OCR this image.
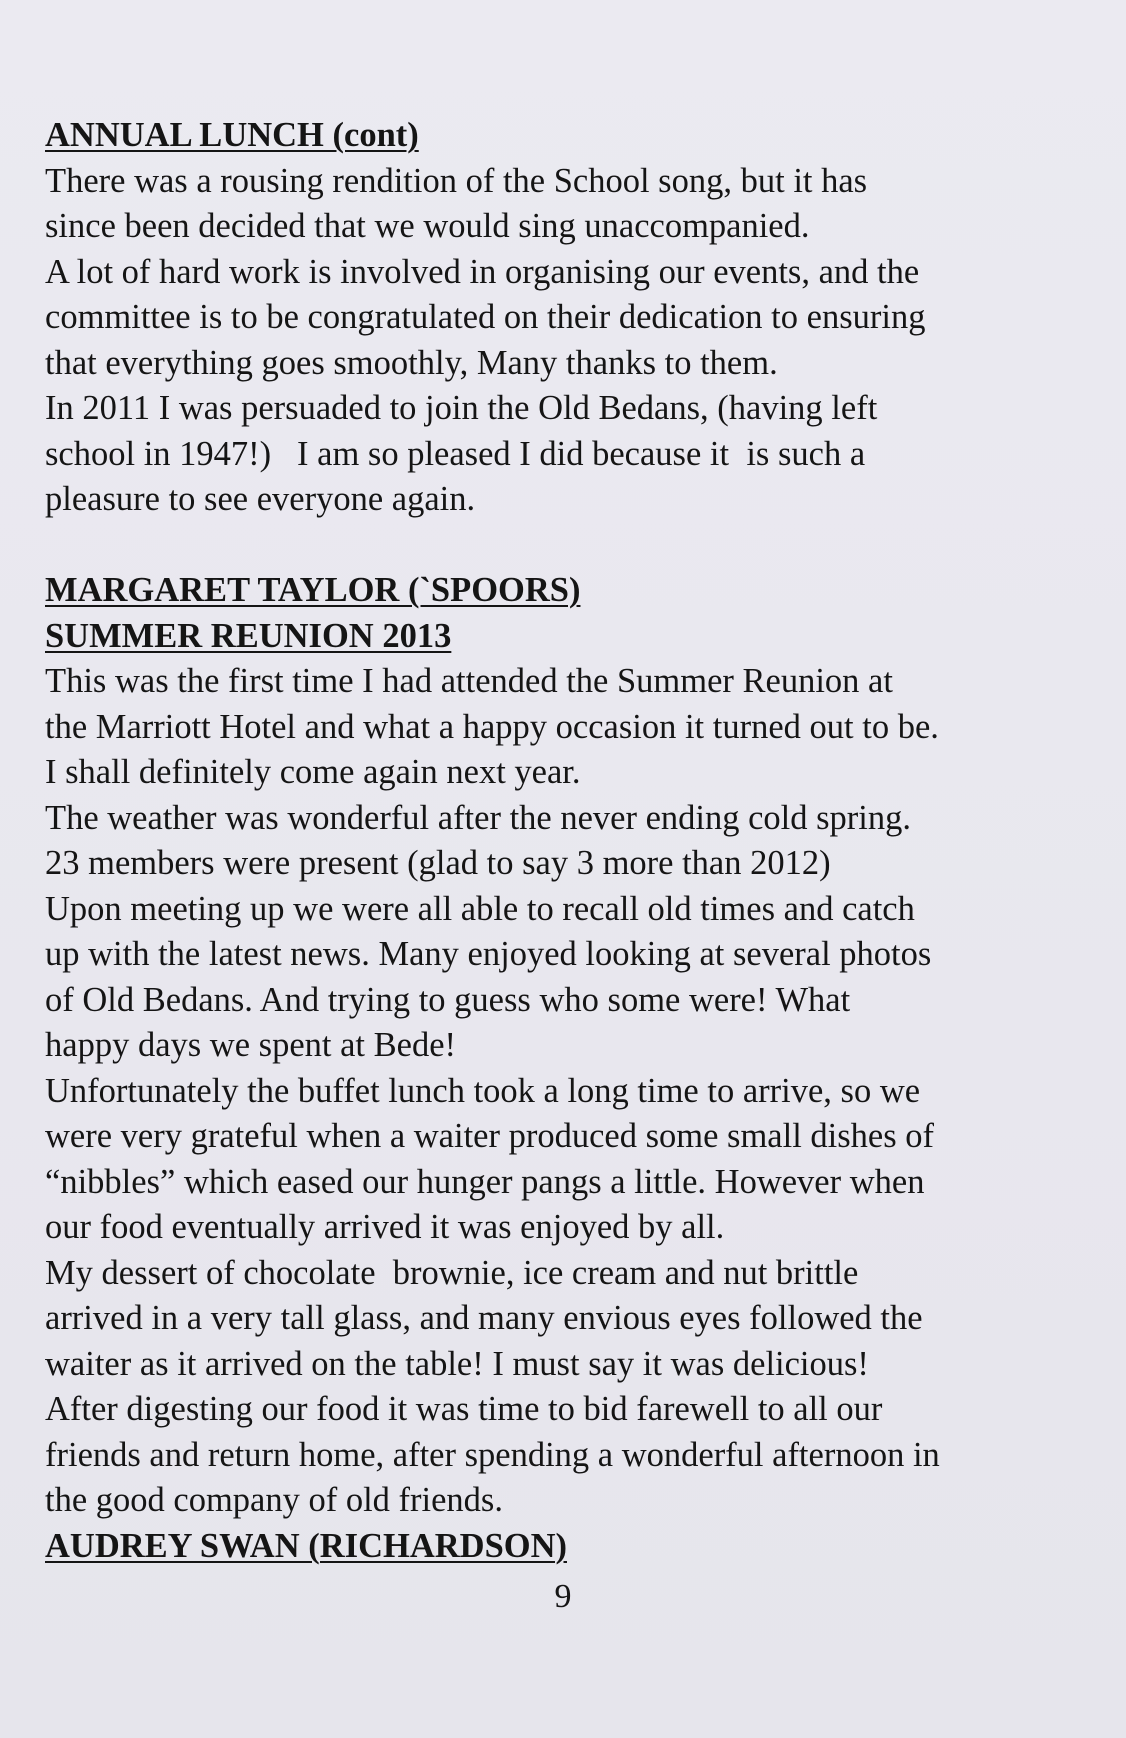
ANNUAL LUNCH (cont)
There was a rousing rendition of the School song, but it has
since been decided that we would sing unaccompanied.
A lot of hard work is involved in organising our events, and the
committee is to be congratulated on their dedication to ensuring
that everything goes smoothly, Many thanks to them.
In 2011 I was persuaded to join the Old Bedans, (having left
school in 1947!)   I am so pleased I did because it  is such a
pleasure to see everyone again.
MARGARET TAYLOR (`SPOORS)
SUMMER REUNION 2013
This was the first time I had attended the Summer Reunion at
the Marriott Hotel and what a happy occasion it turned out to be.
I shall definitely come again next year.
The weather was wonderful after the never ending cold spring.
23 members were present (glad to say 3 more than 2012)
Upon meeting up we were all able to recall old times and catch
up with the latest news. Many enjoyed looking at several photos
of Old Bedans. And trying to guess who some were! What
happy days we spent at Bede!
Unfortunately the buffet lunch took a long time to arrive, so we
were very grateful when a waiter produced some small dishes of
“nibbles” which eased our hunger pangs a little. However when
our food eventually arrived it was enjoyed by all.
My dessert of chocolate  brownie, ice cream and nut brittle
arrived in a very tall glass, and many envious eyes followed the
waiter as it arrived on the table! I must say it was delicious!
After digesting our food it was time to bid farewell to all our
friends and return home, after spending a wonderful afternoon in
the good company of old friends.
AUDREY SWAN (RICHARDSON)
9
